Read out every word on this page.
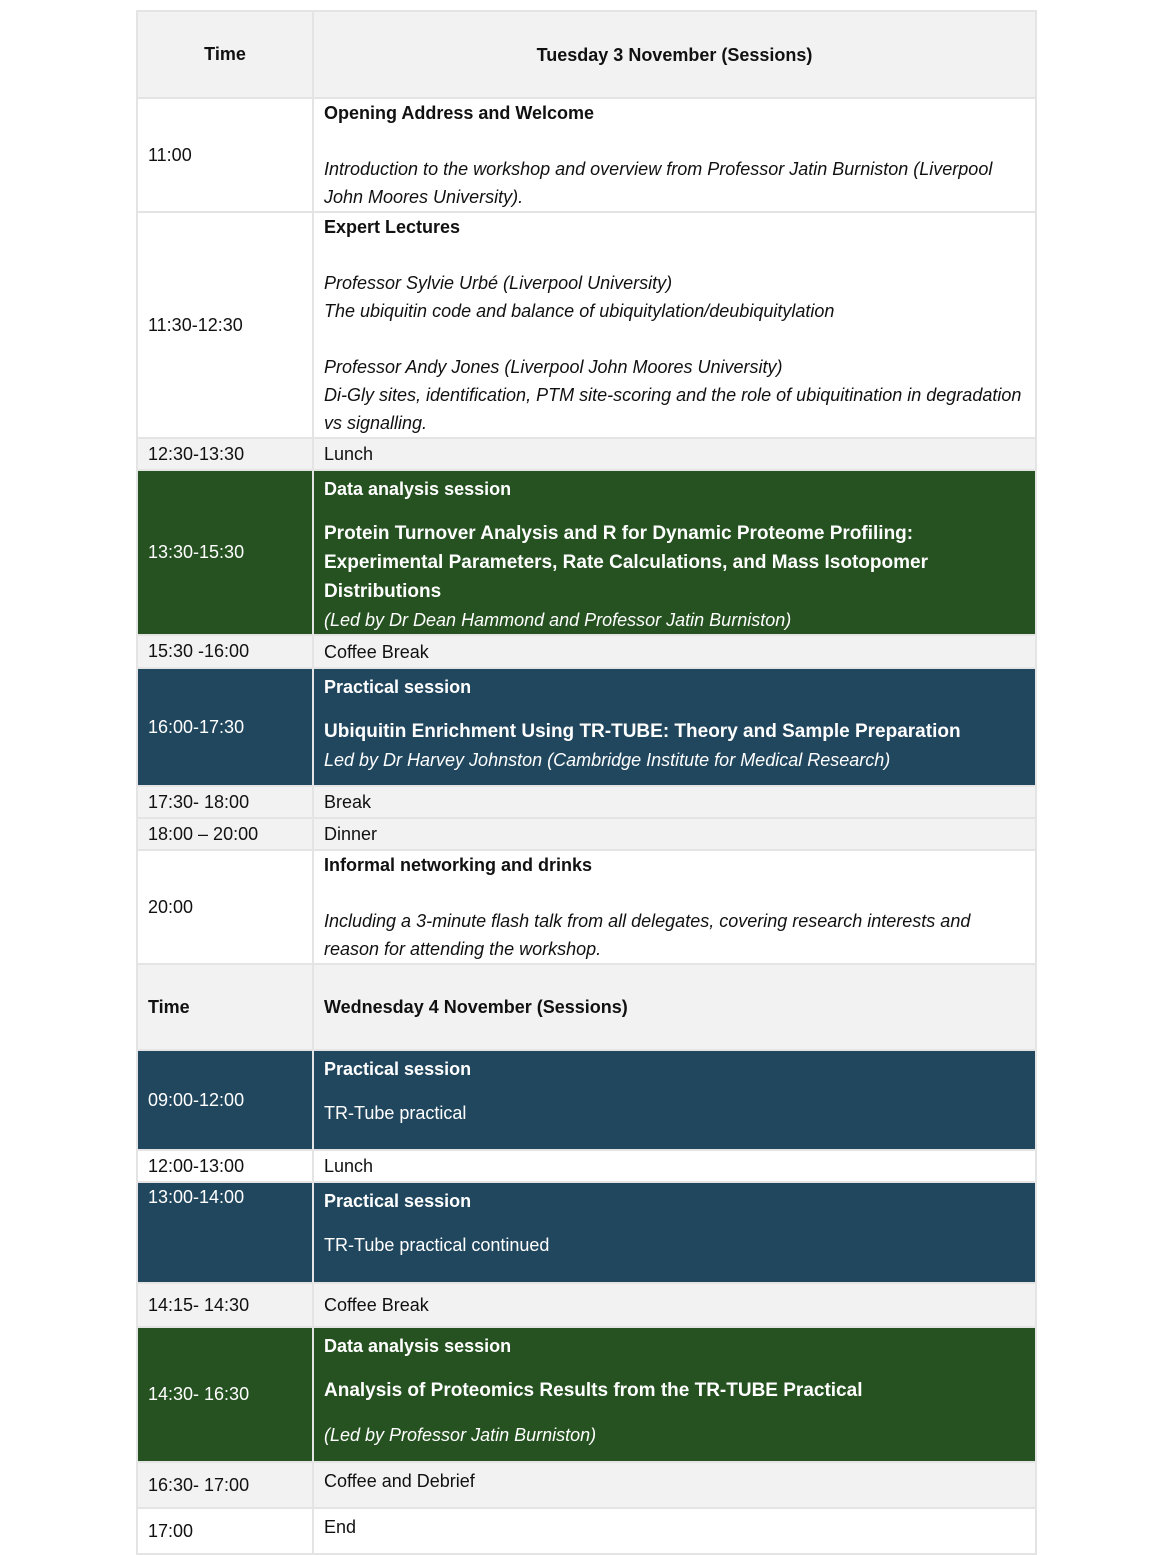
Time	Tuesday 3 November (Sessions)
11:00	Opening Address and Welcome
Introduction to the workshop and overview from Professor Jatin Burniston (Liverpool John Moores University).

11:30-12:30	Expert Lectures
Professor Sylvie Urbé (Liverpool University)
The ubiquitin code and balance of ubiquitylation/deubiquitylation
Professor Andy Jones (Liverpool John Moores University)
Di-Gly sites, identification, PTM site-scoring and the role of ubiquitination in degradation vs signalling.

12:30-13:30	Lunch
13:30-15:30	Data analysis session
Protein Turnover Analysis and R for Dynamic Proteome Profiling: Experimental Parameters, Rate Calculations, and Mass Isotopomer Distributions
(Led by Dr Dean Hammond and Professor Jatin Burniston)

15:30 -16:00	Coffee Break
16:00-17:30	Practical session
Ubiquitin Enrichment Using TR-TUBE: Theory and Sample Preparation
Led by Dr Harvey Johnston (Cambridge Institute for Medical Research)

17:30- 18:00	Break
18:00 – 20:00	Dinner
20:00	Informal networking and drinks
Including a 3-minute flash talk from all delegates, covering research interests and reason for attending the workshop.

Time	Wednesday 4 November (Sessions)
09:00-12:00	Practical session
TR-Tube practical

12:00-13:00	Lunch
13:00-14:00	Practical session
TR-Tube practical continued

14:15- 14:30	Coffee Break
14:30- 16:30	Data analysis session
Analysis of Proteomics Results from the TR-TUBE Practical
(Led by Professor Jatin Burniston)

16:30- 17:00	Coffee and Debrief
17:00	End
